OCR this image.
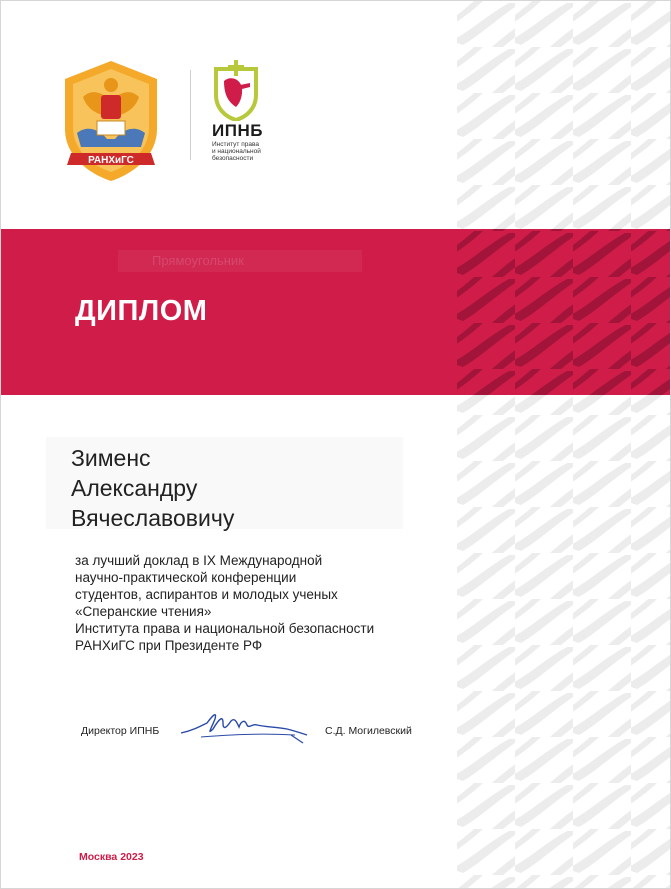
Прямоугольник
ДИПЛОМ
РАНХиГС
ИПНБ
Институт права
и национальной
безопасности
Зименс
Александру
Вячеславовичу
за лучший доклад в IX Международной
научно-практической конференции
студентов, аспирантов и молодых ученых
«Сперанские чтения»
Института права и национальной безопасности
РАНХиГС при Президенте РФ
Директор ИПНБ	С.Д. Могилевский
Москва 2023
